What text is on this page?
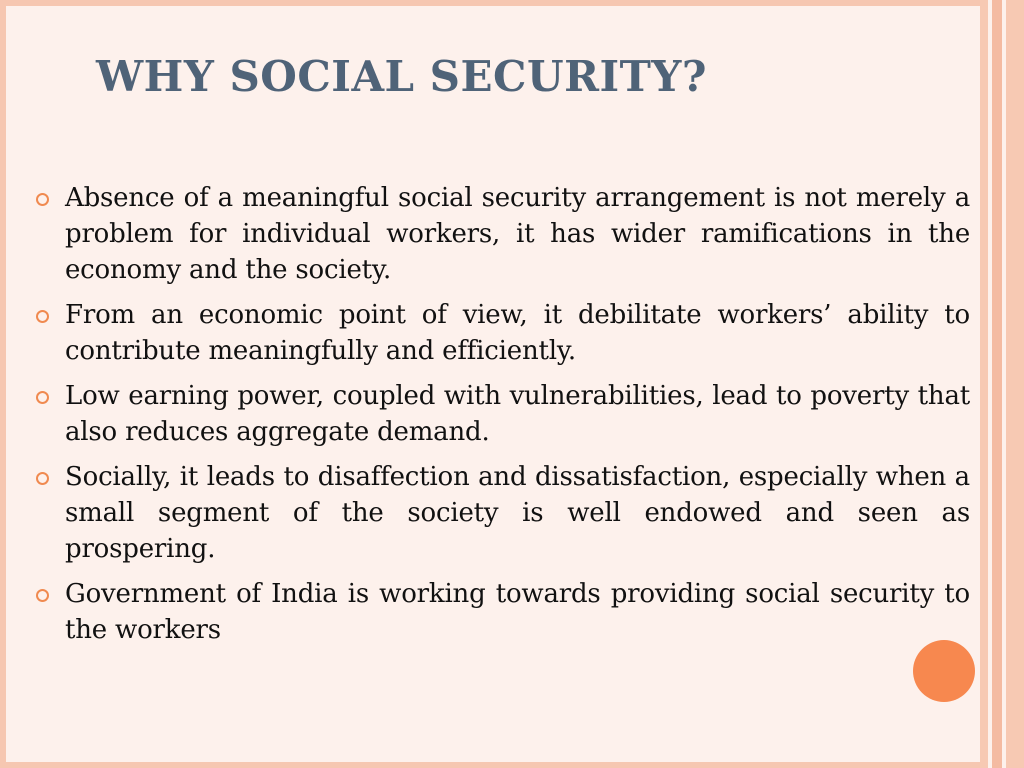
WHY SOCIAL SECURITY?
Absence of a meaningful social security arrangement is not merely a problem for individual workers, it has wider ramifications in the economy and the society.
From an economic point of view, it debilitate workers’ ability to contribute meaningfully and efficiently.
Low earning power, coupled with vulnerabilities, lead to poverty that also reduces aggregate demand.
Socially, it leads to disaffection and dissatisfaction, especially when a small segment of the society is well endowed and seen as prospering.
Government of India is working towards providing social security to the workers
